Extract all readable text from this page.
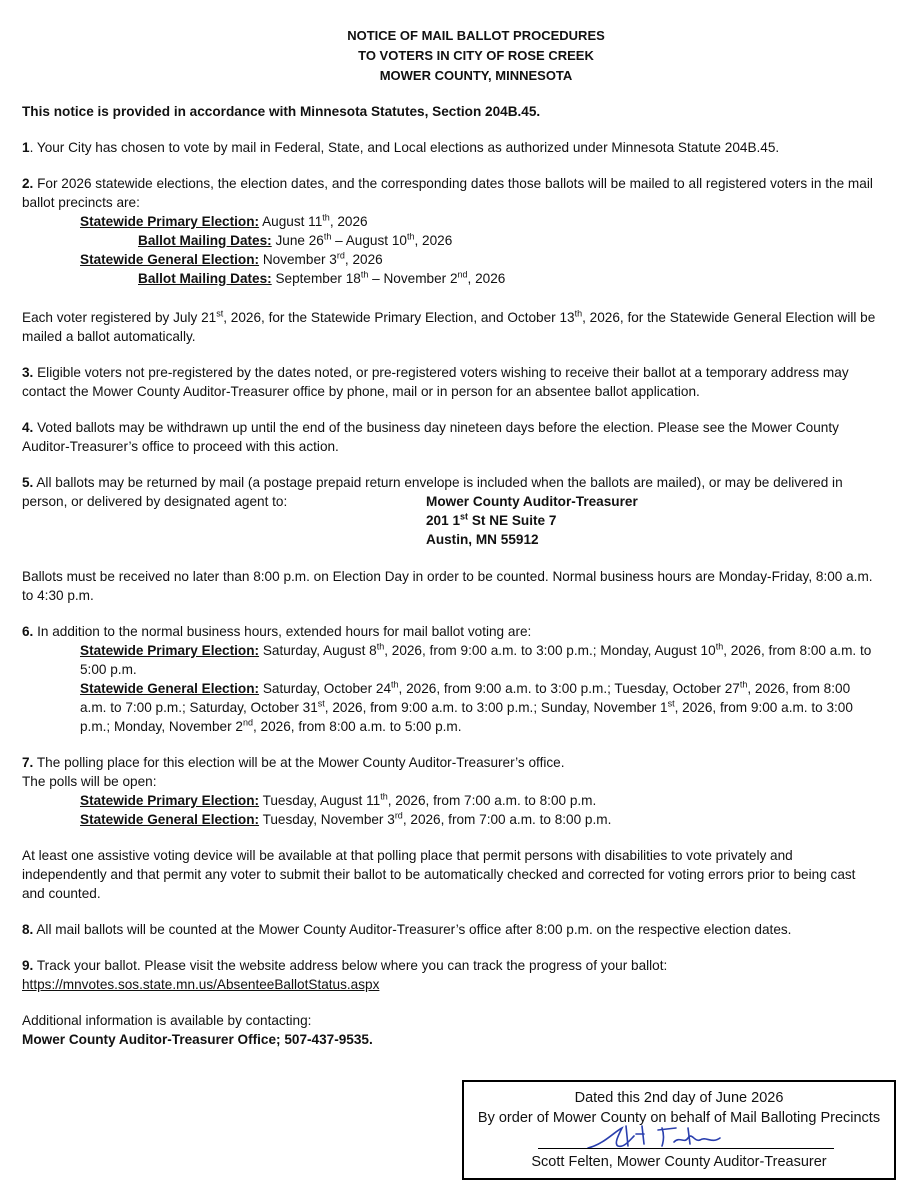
NOTICE OF MAIL BALLOT PROCEDURES
TO VOTERS IN CITY OF ROSE CREEK
MOWER COUNTY, MINNESOTA
This notice is provided in accordance with Minnesota Statutes, Section 204B.45.
1. Your City has chosen to vote by mail in Federal, State, and Local elections as authorized under Minnesota Statute 204B.45.
2. For 2026 statewide elections, the election dates, and the corresponding dates those ballots will be mailed to all registered voters in the mail ballot precincts are:
Statewide Primary Election: August 11th, 2026
Ballot Mailing Dates: June 26th – August 10th, 2026
Statewide General Election: November 3rd, 2026
Ballot Mailing Dates: September 18th – November 2nd, 2026
Each voter registered by July 21st, 2026, for the Statewide Primary Election, and October 13th, 2026, for the Statewide General Election will be mailed a ballot automatically.
3. Eligible voters not pre-registered by the dates noted, or pre-registered voters wishing to receive their ballot at a temporary address may contact the Mower County Auditor-Treasurer office by phone, mail or in person for an absentee ballot application.
4. Voted ballots may be withdrawn up until the end of the business day nineteen days before the election. Please see the Mower County Auditor-Treasurer’s office to proceed with this action.
5. All ballots may be returned by mail (a postage prepaid return envelope is included when the ballots are mailed), or may be delivered in person, or delivered by designated agent to:	Mower County Auditor-Treasurer
201 1st St NE Suite 7
Austin, MN 55912
Ballots must be received no later than 8:00 p.m. on Election Day in order to be counted. Normal business hours are Monday-Friday, 8:00 a.m. to 4:30 p.m.
6. In addition to the normal business hours, extended hours for mail ballot voting are:
Statewide Primary Election: Saturday, August 8th, 2026, from 9:00 a.m. to 3:00 p.m.; Monday, August 10th, 2026, from 8:00 a.m. to 5:00 p.m.
Statewide General Election: Saturday, October 24th, 2026, from 9:00 a.m. to 3:00 p.m.; Tuesday, October 27th, 2026, from 8:00 a.m. to 7:00 p.m.; Saturday, October 31st, 2026, from 9:00 a.m. to 3:00 p.m.; Sunday, November 1st, 2026, from 9:00 a.m. to 3:00 p.m.; Monday, November 2nd, 2026, from 8:00 a.m. to 5:00 p.m.
7. The polling place for this election will be at the Mower County Auditor-Treasurer’s office.
The polls will be open:
Statewide Primary Election: Tuesday, August 11th, 2026, from 7:00 a.m. to 8:00 p.m.
Statewide General Election: Tuesday, November 3rd, 2026, from 7:00 a.m. to 8:00 p.m.
At least one assistive voting device will be available at that polling place that permit persons with disabilities to vote privately and independently and that permit any voter to submit their ballot to be automatically checked and corrected for voting errors prior to being cast and counted.
8. All mail ballots will be counted at the Mower County Auditor-Treasurer’s office after 8:00 p.m. on the respective election dates.
9. Track your ballot. Please visit the website address below where you can track the progress of your ballot:
https://mnvotes.sos.state.mn.us/AbsenteeBallotStatus.aspx
Additional information is available by contacting:
Mower County Auditor-Treasurer Office; 507-437-9535.
Dated this 2nd day of June 2026
By order of Mower County on behalf of Mail Balloting Precincts
Scott Felten, Mower County Auditor-Treasurer
